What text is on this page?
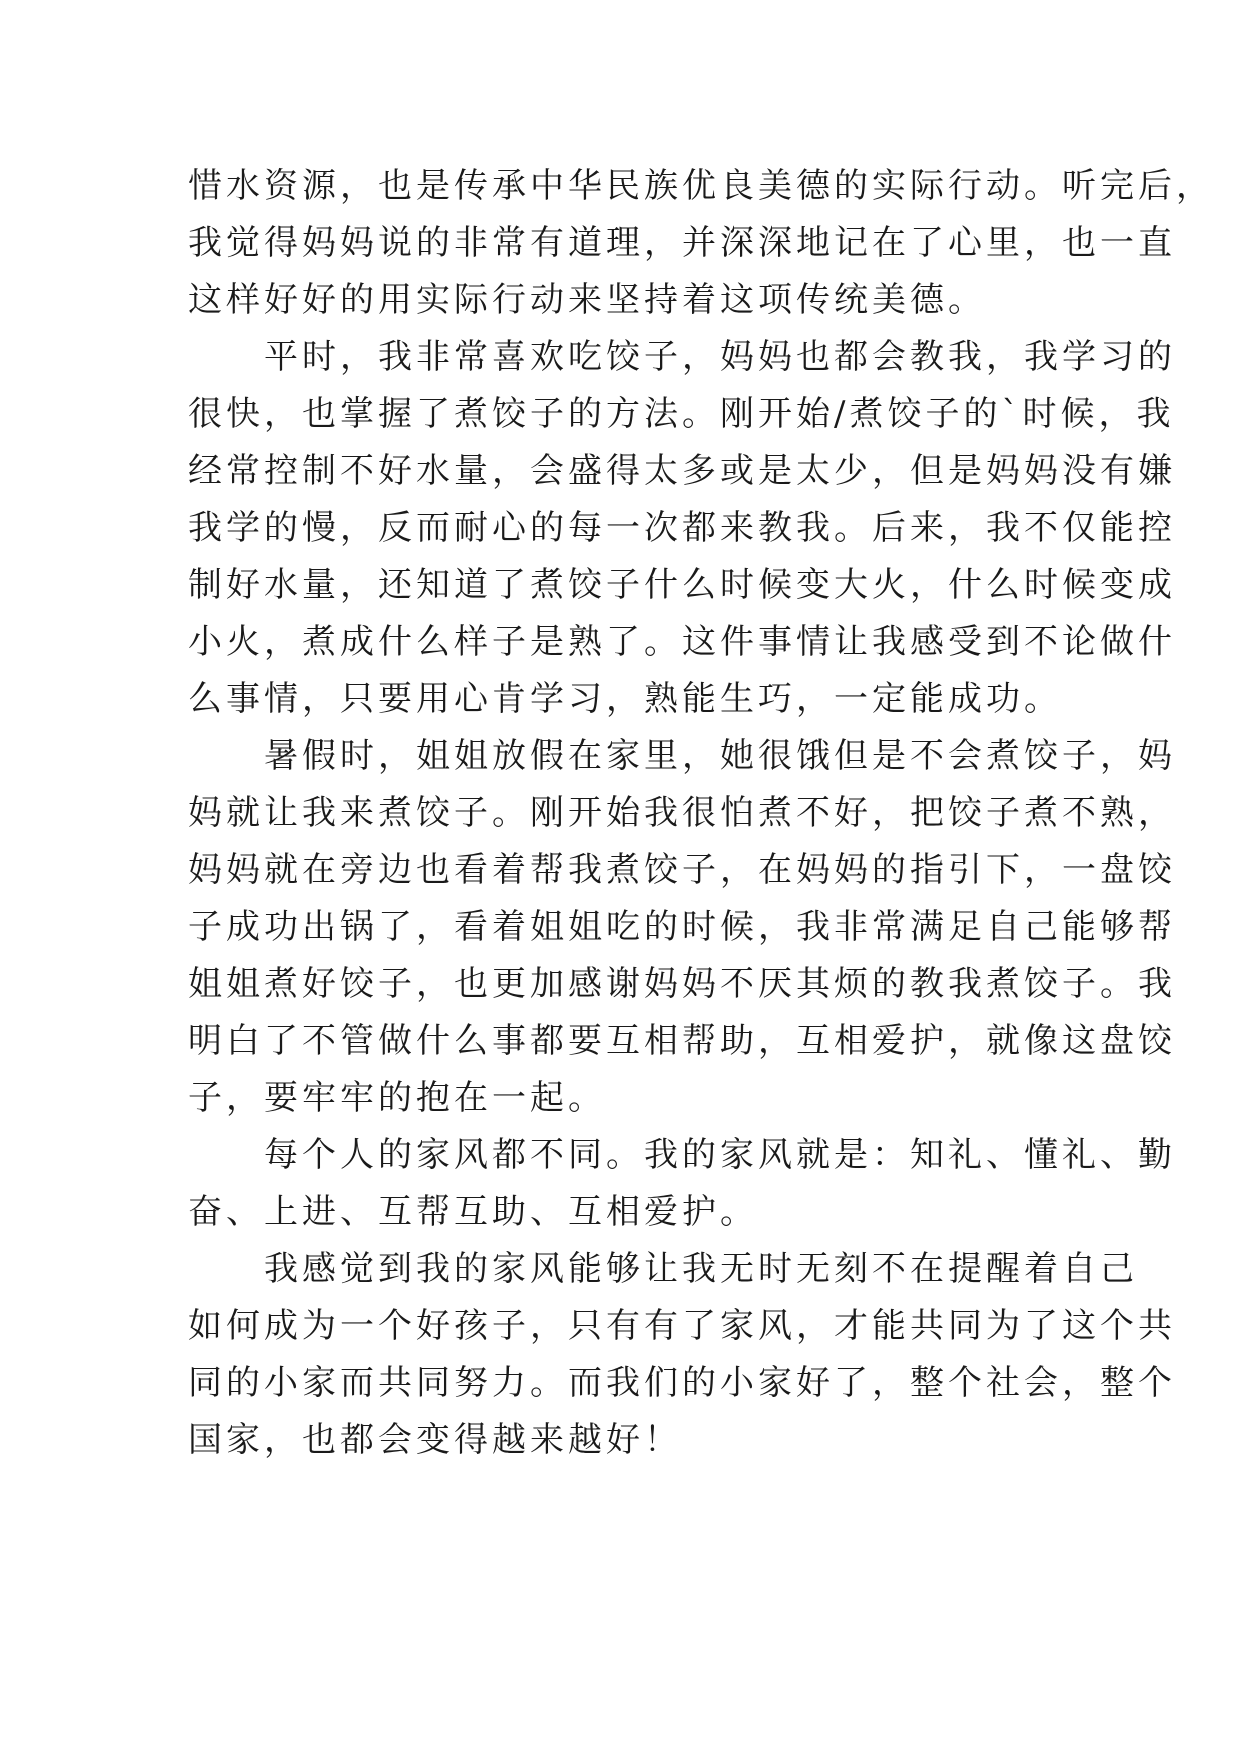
惜水资源，也是传承中华民族优良美德的实际行动。听完后，
我觉得妈妈说的非常有道理，并深深地记在了心里，也一直
这样好好的用实际行动来坚持着这项传统美德。
平时，我非常喜欢吃饺子，妈妈也都会教我，我学习的
很快，也掌握了煮饺子的方法。刚开始/煮饺子的`时候，我
经常控制不好水量，会盛得太多或是太少，但是妈妈没有嫌
我学的慢，反而耐心的每一次都来教我。后来，我不仅能控
制好水量，还知道了煮饺子什么时候变大火，什么时候变成
小火，煮成什么样子是熟了。这件事情让我感受到不论做什
么事情，只要用心肯学习，熟能生巧，一定能成功。
暑假时，姐姐放假在家里，她很饿但是不会煮饺子，妈
妈就让我来煮饺子。刚开始我很怕煮不好，把饺子煮不熟，
妈妈就在旁边也看着帮我煮饺子，在妈妈的指引下，一盘饺
子成功出锅了，看着姐姐吃的时候，我非常满足自己能够帮
姐姐煮好饺子，也更加感谢妈妈不厌其烦的教我煮饺子。我
明白了不管做什么事都要互相帮助，互相爱护，就像这盘饺
子，要牢牢的抱在一起。
每个人的家风都不同。我的家风就是：知礼、懂礼、勤
奋、上进、互帮互助、互相爱护。
我感觉到我的家风能够让我无时无刻不在提醒着自己
如何成为一个好孩子，只有有了家风，才能共同为了这个共
同的小家而共同努力。而我们的小家好了，整个社会，整个
国家，也都会变得越来越好！
